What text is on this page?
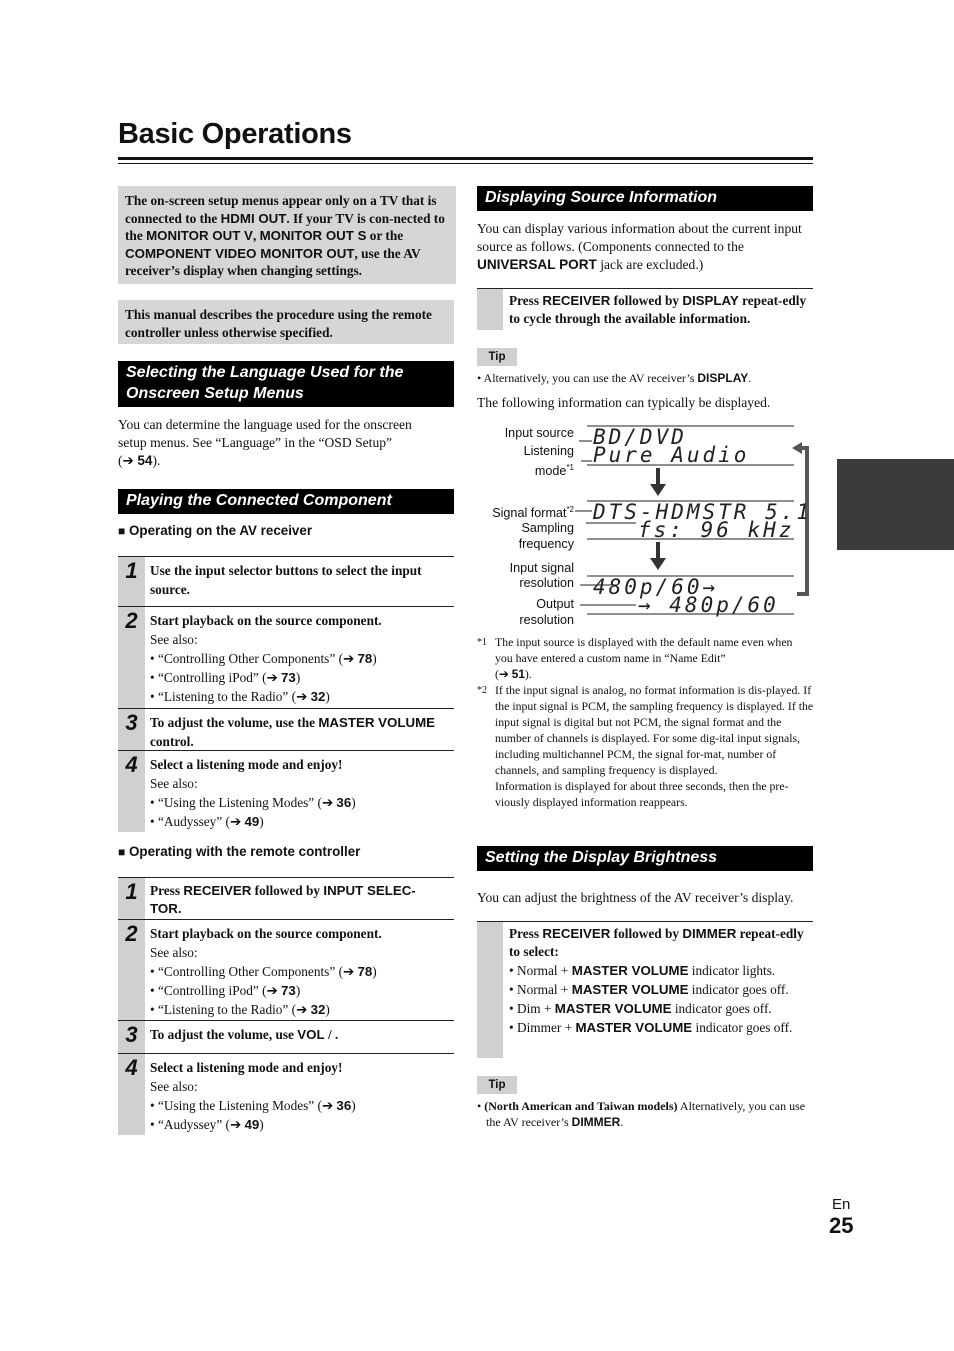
Basic Operations
The on-screen setup menus appear only on a TV that is connected to the HDMI OUT. If your TV is con-nected to the MONITOR OUT V, MONITOR OUT S or the COMPONENT VIDEO MONITOR OUT, use the AV receiver’s display when changing settings.
This manual describes the procedure using the remote controller unless otherwise specified.
Selecting the Language Used for the
Onscreen Setup Menus
You can determine the language used for the onscreen setup menus. See “Language” in the “OSD Setup”
(➔ 54).
Playing the Connected Component
■ Operating on the AV receiver
1 Use the input selector buttons to select the input source.
2 Start playback on the source component.
See also:
• “Controlling Other Components” (➔ 78)
• “Controlling iPod” (➔ 73)
• “Listening to the Radio” (➔ 32)
3 To adjust the volume, use the MASTER VOLUME control.
4 Select a listening mode and enjoy!
See also:
• “Using the Listening Modes” (➔ 36)
• “Audyssey” (➔ 49)
■ Operating with the remote controller
1 Press RECEIVER followed by INPUT SELEC-
TOR.
2 Start playback on the source component.
See also:
• “Controlling Other Components” (➔ 78)
• “Controlling iPod” (➔ 73)
• “Listening to the Radio” (➔ 32)
3 To adjust the volume, use VOL / .
4 Select a listening mode and enjoy!
See also:
• “Using the Listening Modes” (➔ 36)
• “Audyssey” (➔ 49)
Displaying Source Information
You can display various information about the current input source as follows. (Components connected to the UNIVERSAL PORT jack are excluded.)
Press RECEIVER followed by DISPLAY repeat-edly to cycle through the available information.
Tip
• Alternatively, you can use the AV receiver’s DISPLAY.
The following information can typically be displayed.
Input source
Listening
mode$^{*1}$
Signal format$^{*2}$
Sampling
frequency
Input signal
resolution
Output
resolution
BD/DVD
Pure Audio
DTS-HDMSTR 5.1
fs: 96 kHz
480p/60→
→ 480p/60
*1 The input source is displayed with the default name even when you have entered a custom name in “Name Edit”
(➔ 51).
*2 If the input signal is analog, no format information is dis-played. If the input signal is PCM, the sampling frequency is displayed. If the input signal is digital but not PCM, the signal format and the number of channels is displayed. For some dig-ital input signals, including multichannel PCM, the signal for-mat, number of channels, and sampling frequency is displayed.
Information is displayed for about three seconds, then the pre-viously displayed information reappears.
Setting the Display Brightness
You can adjust the brightness of the AV receiver’s display.
Press RECEIVER followed by DIMMER repeat-edly to select:
• Normal + MASTER VOLUME indicator lights.
• Normal + MASTER VOLUME indicator goes off.
• Dim + MASTER VOLUME indicator goes off.
• Dimmer + MASTER VOLUME indicator goes off.
Tip
• (North American and Taiwan models) Alternatively, you can use the AV receiver’s DIMMER.
En
25
